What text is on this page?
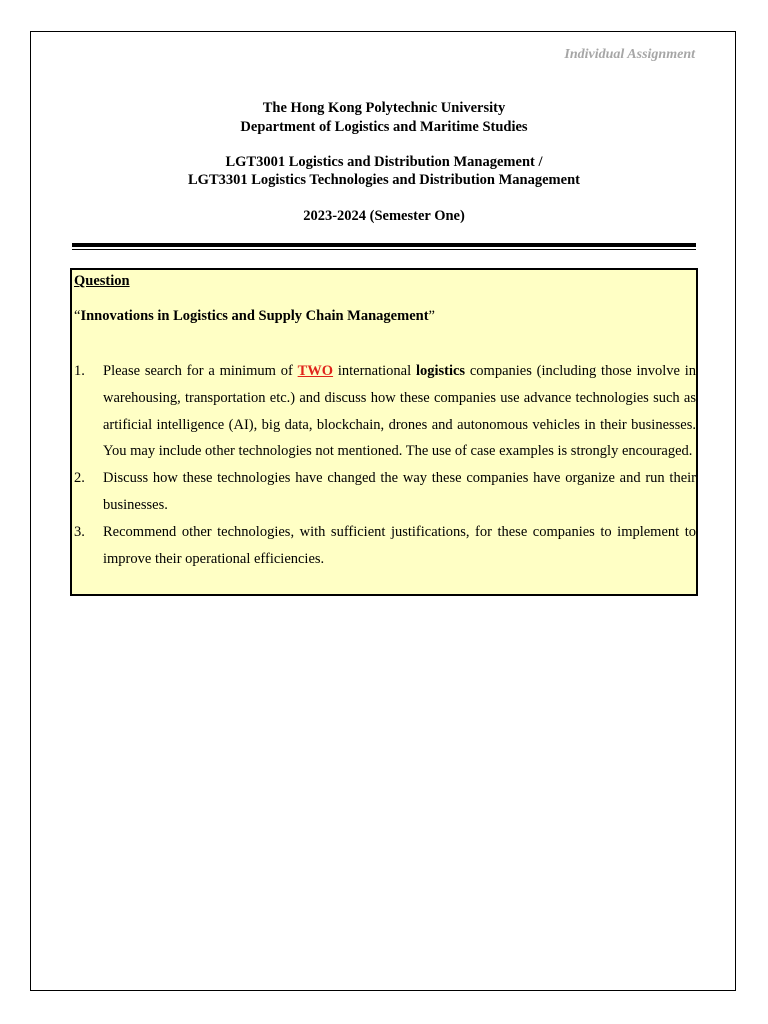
Individual Assignment
The Hong Kong Polytechnic University
Department of Logistics and Maritime Studies
LGT3001 Logistics and Distribution Management /
LGT3301 Logistics Technologies and Distribution Management
2023-2024 (Semester One)
Question
“Innovations in Logistics and Supply Chain Management”
1. Please search for a minimum of TWO international logistics companies (including those involve in warehousing, transportation etc.) and discuss how these companies use advance technologies such as artificial intelligence (AI), big data, blockchain, drones and autonomous vehicles in their businesses. You may include other technologies not mentioned. The use of case examples is strongly encouraged.
2. Discuss how these technologies have changed the way these companies have organize and run their businesses.
3. Recommend other technologies, with sufficient justifications, for these companies to implement to improve their operational efficiencies.
